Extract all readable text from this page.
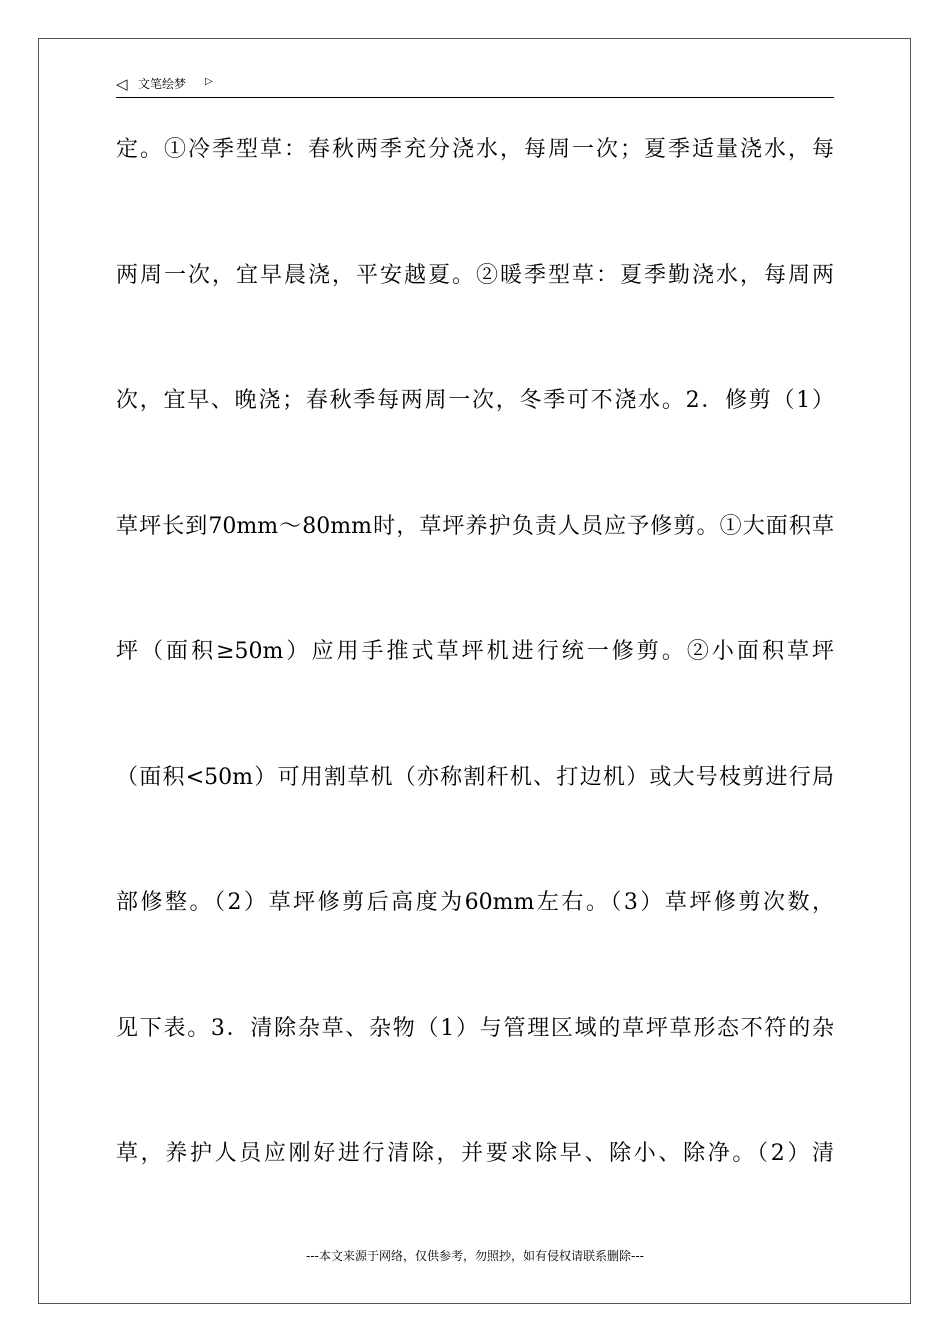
◁ 文笔绘梦 ▷
定。①冷季型草：春秋两季充分浇水，每周一次；夏季适量浇水，每
两周一次，宜早晨浇，平安越夏。②暖季型草：夏季勤浇水，每周两
次，宜早、晚浇；春秋季每两周一次，冬季可不浇水。2．修剪（1）
草坪长到70mm～80mm时，草坪养护负责人员应予修剪。①大面积草
坪（面积≥50m）应用手推式草坪机进行统一修剪。②小面积草坪
（面积<50m）可用割草机（亦称割秆机、打边机）或大号枝剪进行局
部修整。（2）草坪修剪后高度为60mm左右。（3）草坪修剪次数，
见下表。3．清除杂草、杂物（1）与管理区域的草坪草形态不符的杂
草，养护人员应刚好进行清除，并要求除早、除小、除净。（2）清
---本文来源于网络，仅供参考，勿照抄，如有侵权请联系删除---
